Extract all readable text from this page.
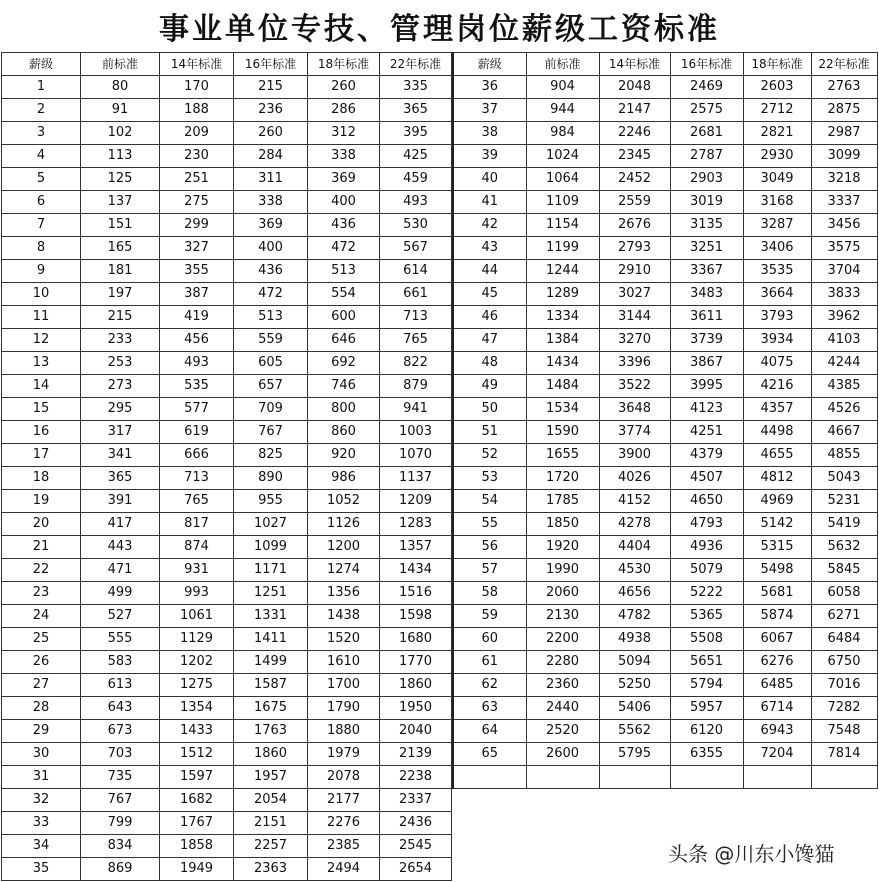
事业单位专技、管理岗位薪级工资标准
薪级	前标准	14年标准	16年标准	18年标准	22年标准
1	80	170	215	260	335
2	91	188	236	286	365
3	102	209	260	312	395
4	113	230	284	338	425
5	125	251	311	369	459
6	137	275	338	400	493
7	151	299	369	436	530
8	165	327	400	472	567
9	181	355	436	513	614
10	197	387	472	554	661
11	215	419	513	600	713
12	233	456	559	646	765
13	253	493	605	692	822
14	273	535	657	746	879
15	295	577	709	800	941
16	317	619	767	860	1003
17	341	666	825	920	1070
18	365	713	890	986	1137
19	391	765	955	1052	1209
20	417	817	1027	1126	1283
21	443	874	1099	1200	1357
22	471	931	1171	1274	1434
23	499	993	1251	1356	1516
24	527	1061	1331	1438	1598
25	555	1129	1411	1520	1680
26	583	1202	1499	1610	1770
27	613	1275	1587	1700	1860
28	643	1354	1675	1790	1950
29	673	1433	1763	1880	2040
30	703	1512	1860	1979	2139
31	735	1597	1957	2078	2238
32	767	1682	2054	2177	2337
33	799	1767	2151	2276	2436
34	834	1858	2257	2385	2545
35	869	1949	2363	2494	2654
薪级	前标准	14年标准	16年标准	18年标准	22年标准
36	904	2048	2469	2603	2763
37	944	2147	2575	2712	2875
38	984	2246	2681	2821	2987
39	1024	2345	2787	2930	3099
40	1064	2452	2903	3049	3218
41	1109	2559	3019	3168	3337
42	1154	2676	3135	3287	3456
43	1199	2793	3251	3406	3575
44	1244	2910	3367	3535	3704
45	1289	3027	3483	3664	3833
46	1334	3144	3611	3793	3962
47	1384	3270	3739	3934	4103
48	1434	3396	3867	4075	4244
49	1484	3522	3995	4216	4385
50	1534	3648	4123	4357	4526
51	1590	3774	4251	4498	4667
52	1655	3900	4379	4655	4855
53	1720	4026	4507	4812	5043
54	1785	4152	4650	4969	5231
55	1850	4278	4793	5142	5419
56	1920	4404	4936	5315	5632
57	1990	4530	5079	5498	5845
58	2060	4656	5222	5681	6058
59	2130	4782	5365	5874	6271
60	2200	4938	5508	6067	6484
61	2280	5094	5651	6276	6750
62	2360	5250	5794	6485	7016
63	2440	5406	5957	6714	7282
64	2520	5562	6120	6943	7548
65	2600	5795	6355	7204	7814

头条 @川东小馋猫
